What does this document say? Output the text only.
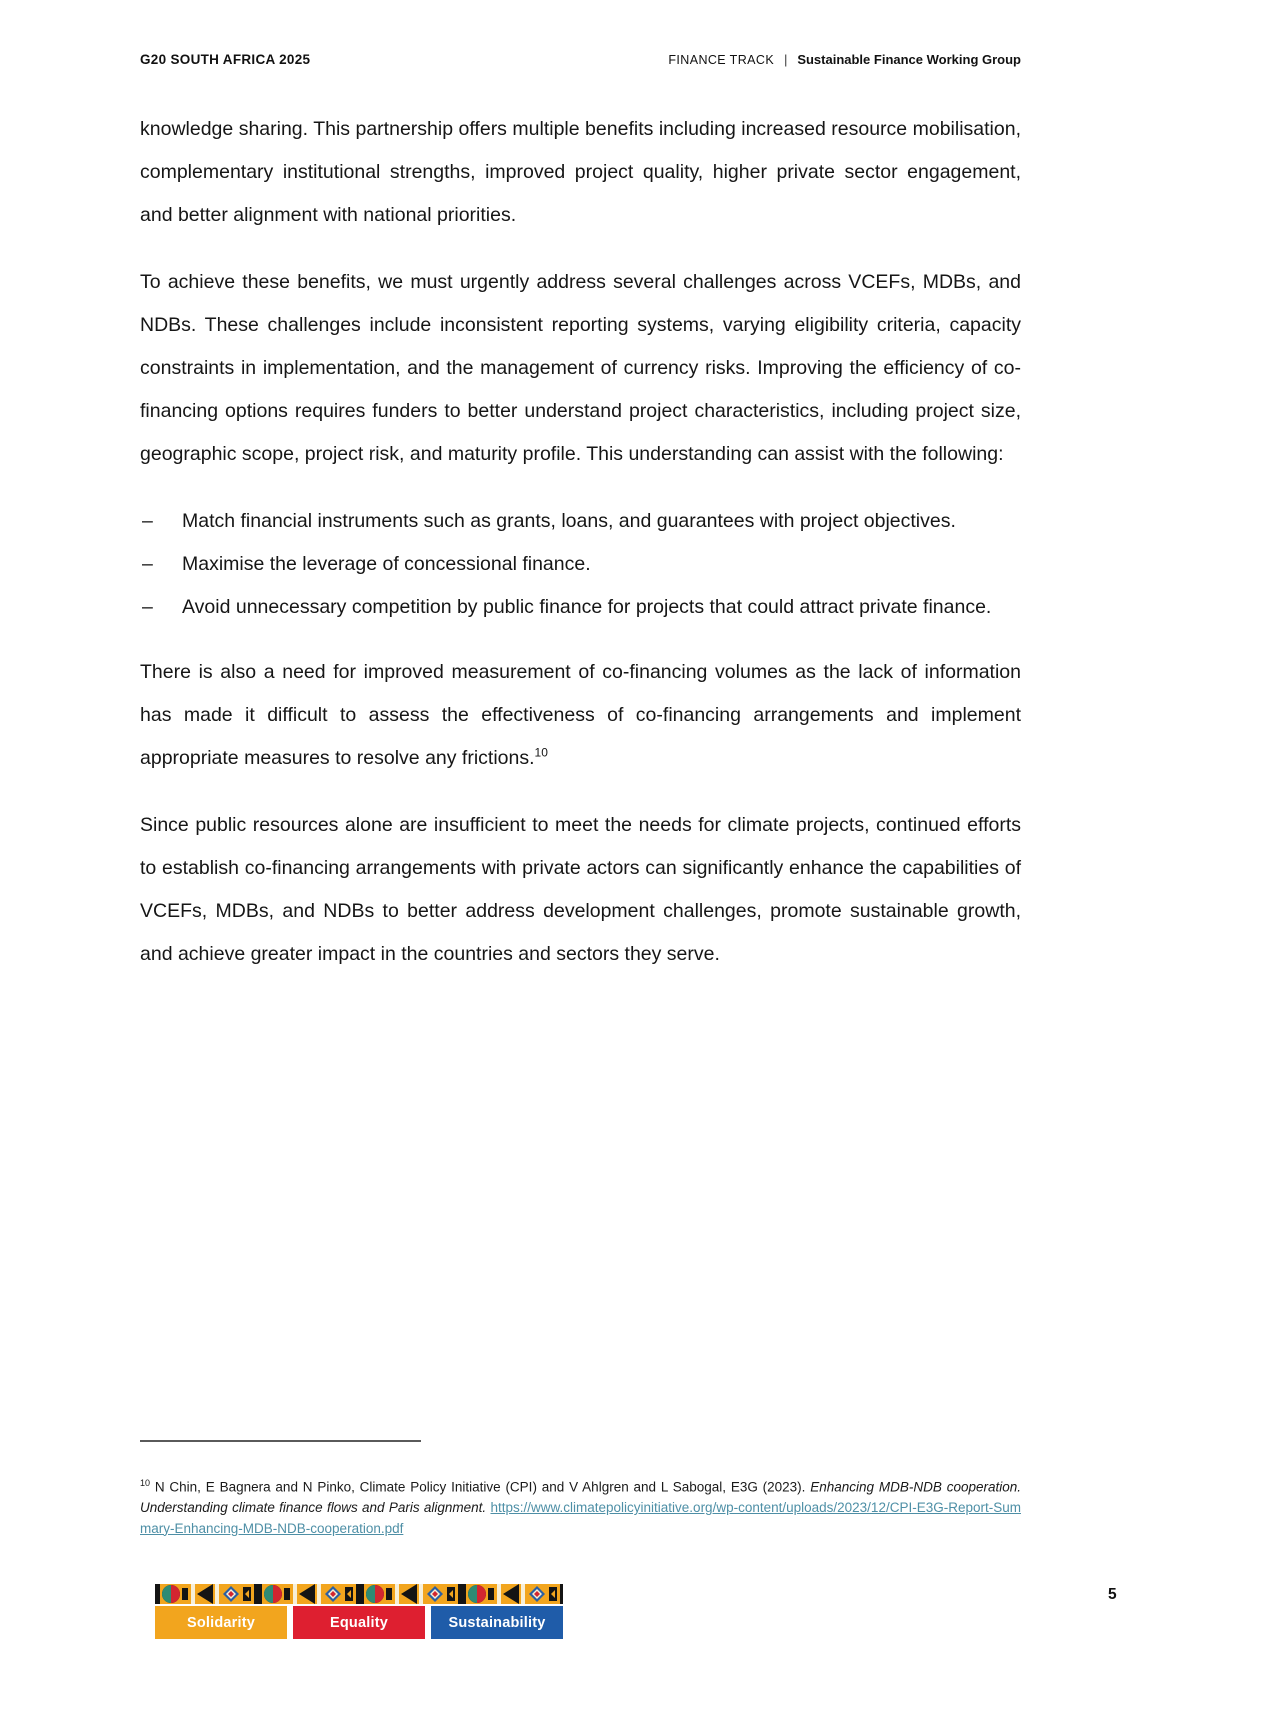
G20 SOUTH AFRICA 2025	FINANCE TRACK | Sustainable Finance Working Group

knowledge sharing. This partnership offers multiple benefits including increased resource mobilisation, complementary institutional strengths, improved project quality, higher private sector engagement, and better alignment with national priorities.

To achieve these benefits, we must urgently address several challenges across VCEFs, MDBs, and NDBs. These challenges include inconsistent reporting systems, varying eligibility criteria, capacity constraints in implementation, and the management of currency risks. Improving the efficiency of co-financing options requires funders to better understand project characteristics, including project size, geographic scope, project risk, and maturity profile. This understanding can assist with the following:

– Match financial instruments such as grants, loans, and guarantees with project objectives.
– Maximise the leverage of concessional finance.
– Avoid unnecessary competition by public finance for projects that could attract private finance.

There is also a need for improved measurement of co-financing volumes as the lack of information has made it difficult to assess the effectiveness of co-financing arrangements and implement appropriate measures to resolve any frictions.$^{10}$

Since public resources alone are insufficient to meet the needs for climate projects, continued efforts to establish co-financing arrangements with private actors can significantly enhance the capabilities of VCEFs, MDBs, and NDBs to better address development challenges, promote sustainable growth, and achieve greater impact in the countries and sectors they serve.

$^{10}$ N Chin, E Bagnera and N Pinko, Climate Policy Initiative (CPI) and V Ahlgren and L Sabogal, E3G (2023). Enhancing MDB-NDB cooperation. Understanding climate finance flows and Paris alignment. https://www.climatepolicyinitiative.org/wp-content/uploads/2023/12/CPI-E3G-Report-Summary-Enhancing-MDB-NDB-cooperation.pdf
Solidarity	Equality	Sustainability
5
